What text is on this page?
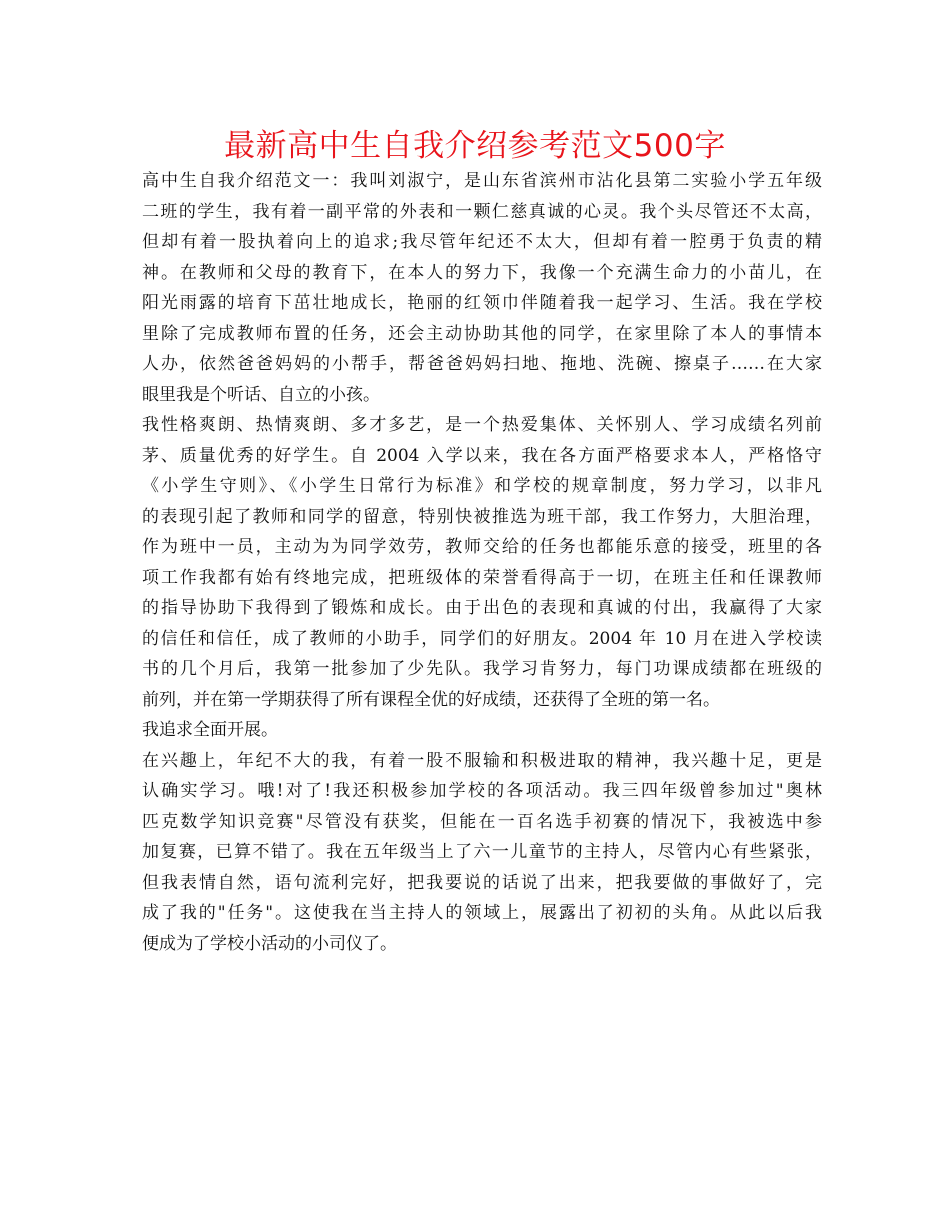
最新高中生自我介绍参考范文500字
高中生自我介绍范文一：我叫刘淑宁，是山东省滨州市沾化县第二实验小学五年级
二班的学生，我有着一副平常的外表和一颗仁慈真诚的心灵。我个头尽管还不太高，
但却有着一股执着向上的追求;我尽管年纪还不太大，但却有着一腔勇于负责的精
神。在教师和父母的教育下，在本人的努力下，我像一个充满生命力的小苗儿，在
阳光雨露的培育下茁壮地成长，艳丽的红领巾伴随着我一起学习、生活。我在学校
里除了完成教师布置的任务，还会主动协助其他的同学，在家里除了本人的事情本
人办，依然爸爸妈妈的小帮手，帮爸爸妈妈扫地、拖地、洗碗、擦桌子……在大家
眼里我是个听话、自立的小孩。
我性格爽朗、热情爽朗、多才多艺，是一个热爱集体、关怀别人、学习成绩名列前
茅、质量优秀的好学生。自 2004 入学以来，我在各方面严格要求本人，严格恪守
《小学生守则》、《小学生日常行为标准》和学校的规章制度，努力学习，以非凡
的表现引起了教师和同学的留意，特别快被推选为班干部，我工作努力，大胆治理，
作为班中一员，主动为为同学效劳，教师交给的任务也都能乐意的接受，班里的各
项工作我都有始有终地完成，把班级体的荣誉看得高于一切，在班主任和任课教师
的指导协助下我得到了锻炼和成长。由于出色的表现和真诚的付出，我赢得了大家
的信任和信任，成了教师的小助手，同学们的好朋友。2004 年 10 月在进入学校读
书的几个月后，我第一批参加了少先队。我学习肯努力，每门功课成绩都在班级的
前列，并在第一学期获得了所有课程全优的好成绩，还获得了全班的第一名。
我追求全面开展。
在兴趣上，年纪不大的我，有着一股不服输和积极进取的精神，我兴趣十足，更是
认确实学习。哦!对了!我还积极参加学校的各项活动。我三四年级曾参加过"奥林
匹克数学知识竞赛"尽管没有获奖，但能在一百名选手初赛的情况下，我被选中参
加复赛，已算不错了。我在五年级当上了六一儿童节的主持人，尽管内心有些紧张，
但我表情自然，语句流利完好，把我要说的话说了出来，把我要做的事做好了，完
成了我的"任务"。这使我在当主持人的领域上，展露出了初初的头角。从此以后我
便成为了学校小活动的小司仪了。
